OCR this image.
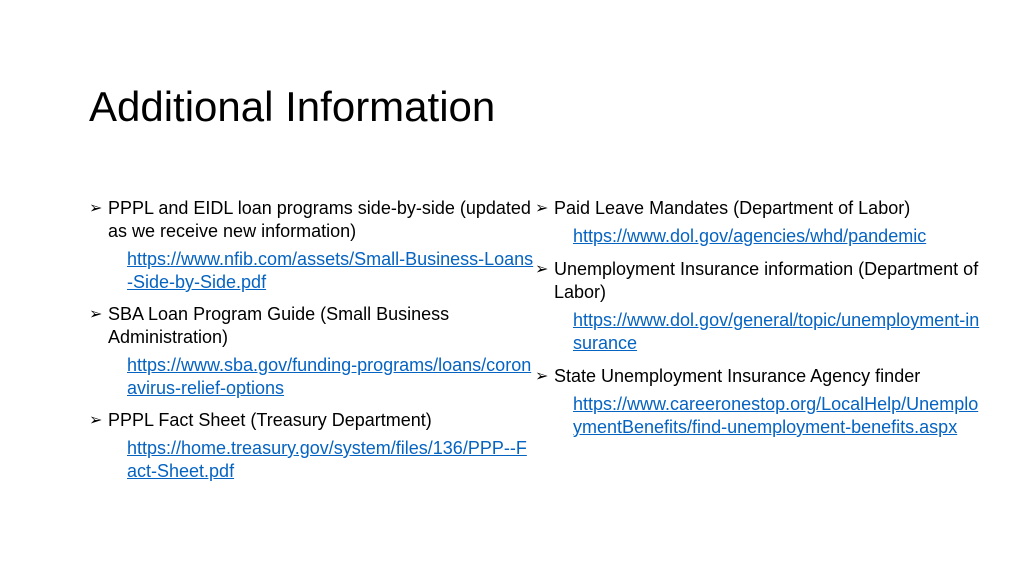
Additional Information
➢ PPPL and EIDL loan programs side-by-side (updated as we receive new information)
https://www.nfib.com/assets/Small-Business-Loans-Side-by-Side.pdf
➢ SBA Loan Program Guide (Small Business Administration)
https://www.sba.gov/funding-programs/loans/coronavirus-relief-options
➢ PPPL Fact Sheet (Treasury Department)
https://home.treasury.gov/system/files/136/PPP--Fact-Sheet.pdf
➢ Paid Leave Mandates (Department of Labor)
https://www.dol.gov/agencies/whd/pandemic
➢ Unemployment Insurance information (Department of Labor)
https://www.dol.gov/general/topic/unemployment-insurance
➢ State Unemployment Insurance Agency finder
https://www.careeronestop.org/LocalHelp/UnemploymentBenefits/find-unemployment-benefits.aspx
